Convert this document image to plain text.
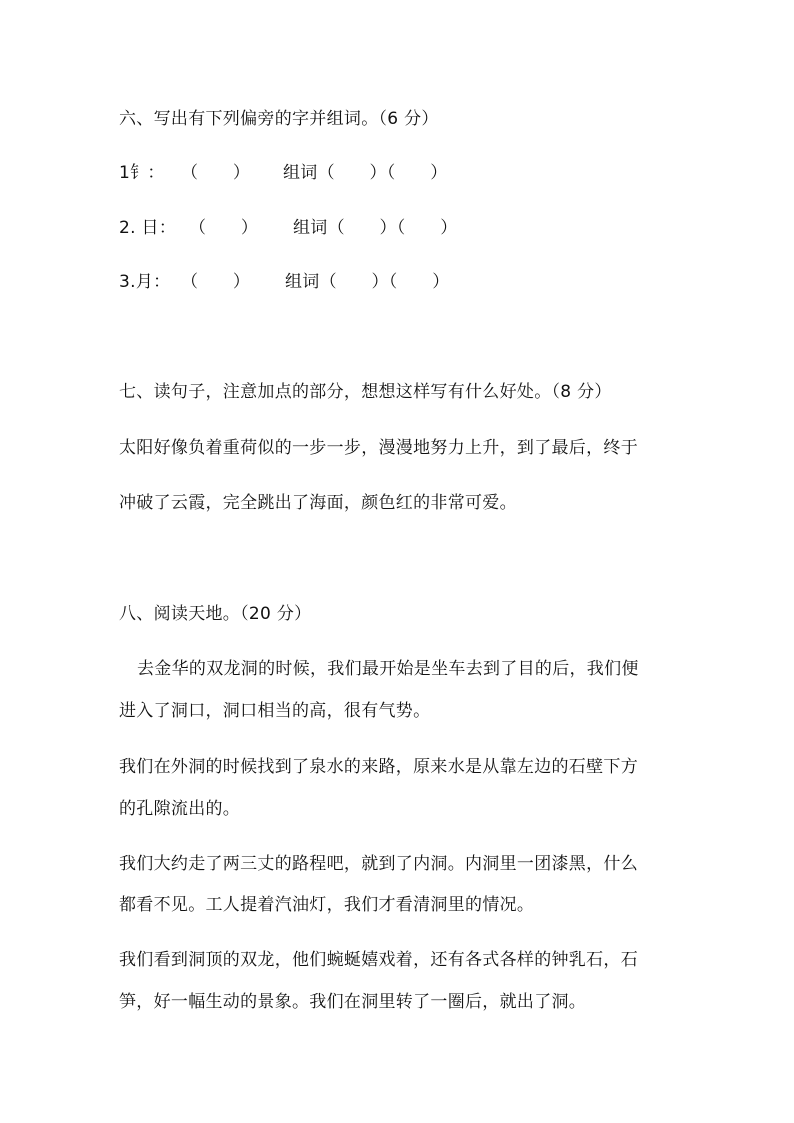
六、写出有下列偏旁的字并组词。（6 分）
1钅： （　　） 组词（　　）（　　）
2. 日： （　　） 组词（　　）（　　）
3.月： （　　） 组词（　　）（　　）
七、读句子，注意加点的部分，想想这样写有什么好处。（8 分）
太阳好像负着重荷似的一步一步，漫漫地努力上升，到了最后，终于
冲破了云霞，完全跳出了海面，颜色红的非常可爱。
八、阅读天地。（20 分）
去金华的双龙洞的时候，我们最开始是坐车去到了目的后，我们便
进入了洞口，洞口相当的高，很有气势。
我们在外洞的时候找到了泉水的来路，原来水是从靠左边的石壁下方
的孔隙流出的。
我们大约走了两三丈的路程吧，就到了内洞。内洞里一团漆黑，什么
都看不见。工人提着汽油灯，我们才看清洞里的情况。
我们看到洞顶的双龙，他们蜿蜒嬉戏着，还有各式各样的钟乳石，石
笋，好一幅生动的景象。我们在洞里转了一圈后，就出了洞。
